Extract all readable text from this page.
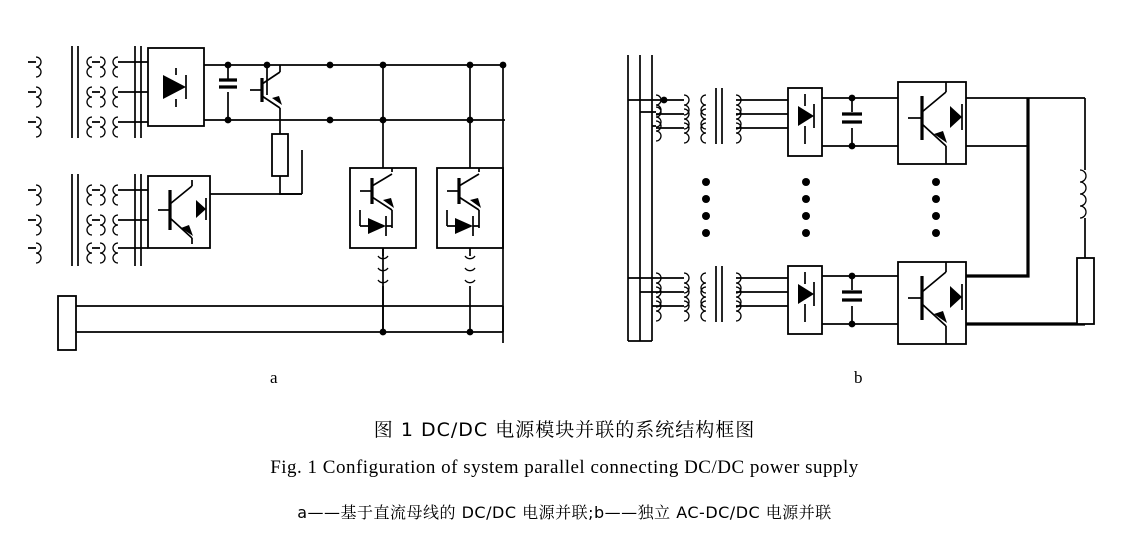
a	b
图 1 DC/DC 电源模块并联的系统结构框图
Fig. 1 Configuration of system parallel connecting DC/DC power supply
a——基于直流母线的 DC/DC 电源并联;b——独立 AC-DC/DC 电源并联
